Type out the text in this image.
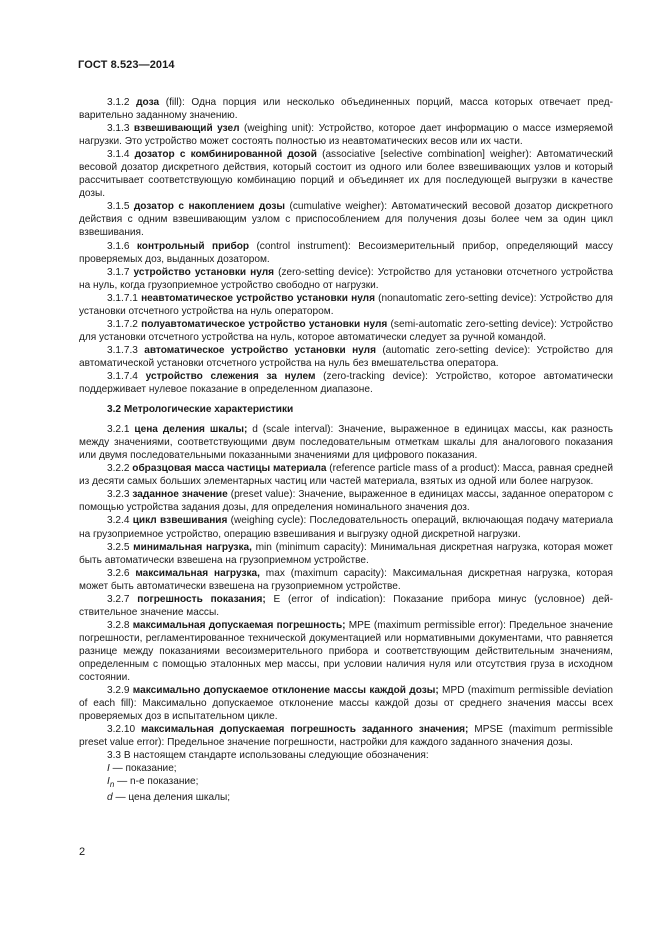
ГОСТ 8.523—2014

3.1.2 доза (fill): Одна порция или несколько объединенных порций, масса которых отвечает предварительно заданному значению.

3.1.3 взвешивающий узел (weighing unit): Устройство, которое дает информацию о массе измеряемой нагрузки. Это устройство может состоять полностью из неавтоматических весов или их части.

3.1.4 дозатор с комбинированной дозой (associative [selective combination] weigher): Автоматический весовой дозатор дискретного действия, который состоит из одного или более взвешивающих узлов и который рассчитывает соответствующую комбинацию порций и объединяет их для последующей выгрузки в качестве дозы.

3.1.5 дозатор с накоплением дозы (cumulative weigher): Автоматический весовой дозатор дискретного действия с одним взвешивающим узлом с приспособлением для получения дозы более чем за один цикл взвешивания.

3.1.6 контрольный прибор (control instrument): Весоизмерительный прибор, определяющий массу проверяемых доз, выданных дозатором.

3.1.7 устройство установки нуля (zero-setting device): Устройство для установки отсчетного устройства на нуль, когда грузоприемное устройство свободно от нагрузки.

3.1.7.1 неавтоматическое устройство установки нуля (nonautomatic zero-setting device): Устройство для установки отсчетного устройства на нуль оператором.

3.1.7.2 полуавтоматическое устройство установки нуля (semi-automatic zero-setting device): Устройство для установки отсчетного устройства на нуль, которое автоматически следует за ручной командой.

3.1.7.3 автоматическое устройство установки нуля (automatic zero-setting device): Устройство для автоматической установки отсчетного устройства на нуль без вмешательства оператора.

3.1.7.4 устройство слежения за нулем (zero-tracking device): Устройство, которое автоматически поддерживает нулевое показание в определенном диапазоне.

3.2 Метрологические характеристики

3.2.1 цена деления шкалы; d (scale interval): Значение, выраженное в единицах массы, как разность между значениями, соответствующими двум последовательным отметкам шкалы для аналогового показания или двумя последовательными показанными значениями для цифрового показания.

3.2.2 образцовая масса частицы материала (reference particle mass of a product): Масса, равная средней из десяти самых больших элементарных частиц или частей материала, взятых из одной или более нагрузок.

3.2.3 заданное значение (preset value): Значение, выраженное в единицах массы, заданное оператором с помощью устройства задания дозы, для определения номинального значения доз.

3.2.4 цикл взвешивания (weighing cycle): Последовательность операций, включающая подачу материала на грузоприемное устройство, операцию взвешивания и выгрузку одной дискретной нагрузки.

3.2.5 минимальная нагрузка, min (minimum capacity): Минимальная дискретная нагрузка, которая может быть автоматически взвешена на грузоприемном устройстве.

3.2.6 максимальная нагрузка, max (maximum capacity): Максимальная дискретная нагрузка, которая может быть автоматически взвешена на грузоприемном устройстве.

3.2.7 погрешность показания; E (error of indication): Показание прибора минус (условное) действительное значение массы.

3.2.8 максимальная допускаемая погрешность; MPE (maximum permissible error): Предельное значение погрешности, регламентированное технической документацией или нормативными документами, что равняется разнице между показаниями весоизмерительного прибора и соответствующим действительным значениям, определенным с помощью эталонных мер массы, при условии наличия нуля или отсутствия груза в исходном состоянии.

3.2.9 максимально допускаемое отклонение массы каждой дозы; MPD (maximum permissible deviation of each fill): Максимально допускаемое отклонение массы каждой дозы от среднего значения массы всех проверяемых доз в испытательном цикле.

3.2.10 максимальная допускаемая погрешность заданного значения; MPSE (maximum permissible preset value error): Предельное значение погрешности, настройки для каждого заданного значения дозы.

3.3 В настоящем стандарте использованы следующие обозначения:

I — показание;

$I_n$ — n-е показание;

d — цена деления шкалы;

2
